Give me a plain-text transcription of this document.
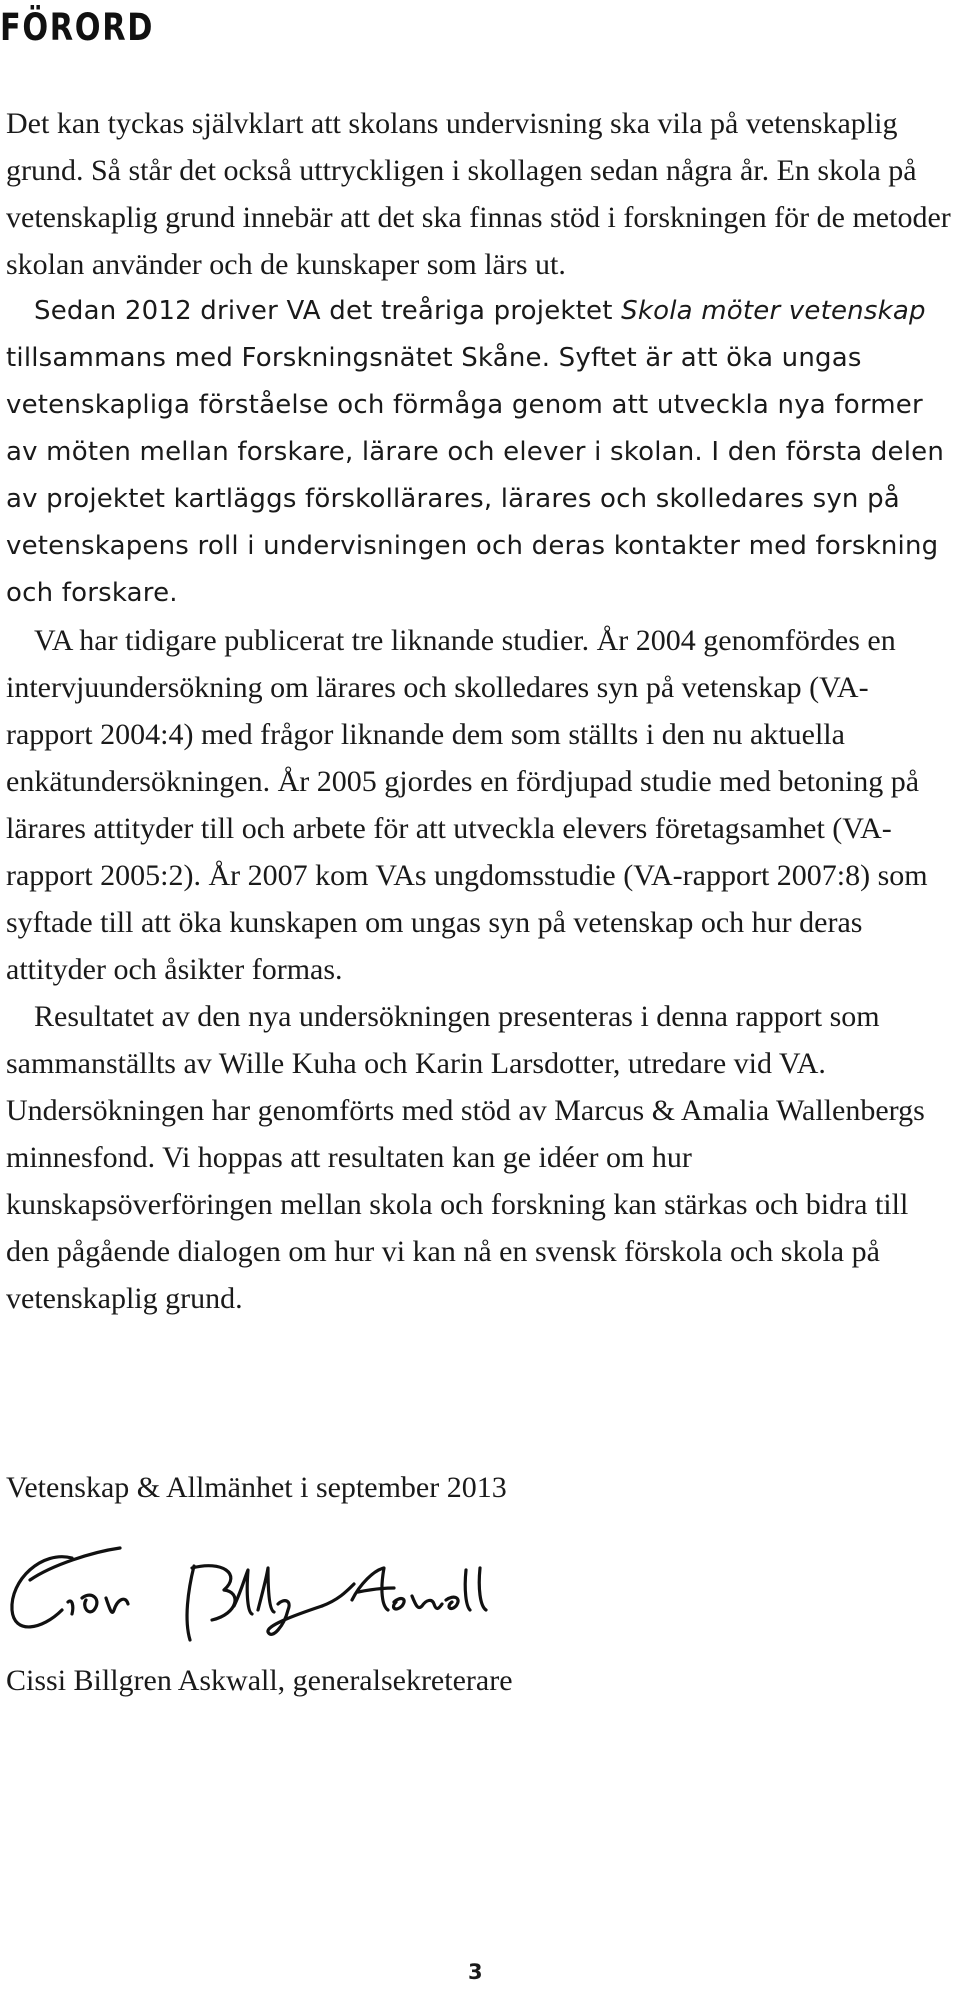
FÖRORD

Det kan tyckas självklart att skolans undervisning ska vila på vetenskaplig grund. Så står det också uttryckligen i skollagen sedan några år. En skola på vetenskaplig grund innebär att det ska finnas stöd i forskningen för de metoder skolan använder och de kunskaper som lärs ut.

Sedan 2012 driver VA det treåriga projektet Skola möter vetenskap tillsammans med Forskningsnätet Skåne. Syftet är att öka ungas vetenskapliga förståelse och förmåga genom att utveckla nya former av möten mellan forskare, lärare och elever i skolan. I den första delen av projektet kartläggs förskollärares, lärares och skolledares syn på vetenskapens roll i undervisningen och deras kontakter med forskning och forskare.

VA har tidigare publicerat tre liknande studier. År 2004 genomfördes en intervjuundersökning om lärares och skolledares syn på vetenskap (VA-rapport 2004:4) med frågor liknande dem som ställts i den nu aktuella enkätundersökningen. År 2005 gjordes en fördjupad studie med betoning på lärares attityder till och arbete för att utveckla elevers företagsamhet (VA-rapport 2005:2). År 2007 kom VAs ungdomsstudie (VA-rapport 2007:8) som syftade till att öka kunskapen om ungas syn på vetenskap och hur deras attityder och åsikter formas.

Resultatet av den nya undersökningen presenteras i denna rapport som sammanställts av Wille Kuha och Karin Larsdotter, utredare vid VA. Undersökningen har genomförts med stöd av Marcus & Amalia Wallenbergs minnesfond. Vi hoppas att resultaten kan ge idéer om hur kunskapsöverföringen mellan skola och forskning kan stärkas och bidra till den pågående dialogen om hur vi kan nå en svensk förskola och skola på vetenskaplig grund.

Vetenskap & Allmänhet i september 2013

Cissi Billgren Askwall, generalsekreterare

3
